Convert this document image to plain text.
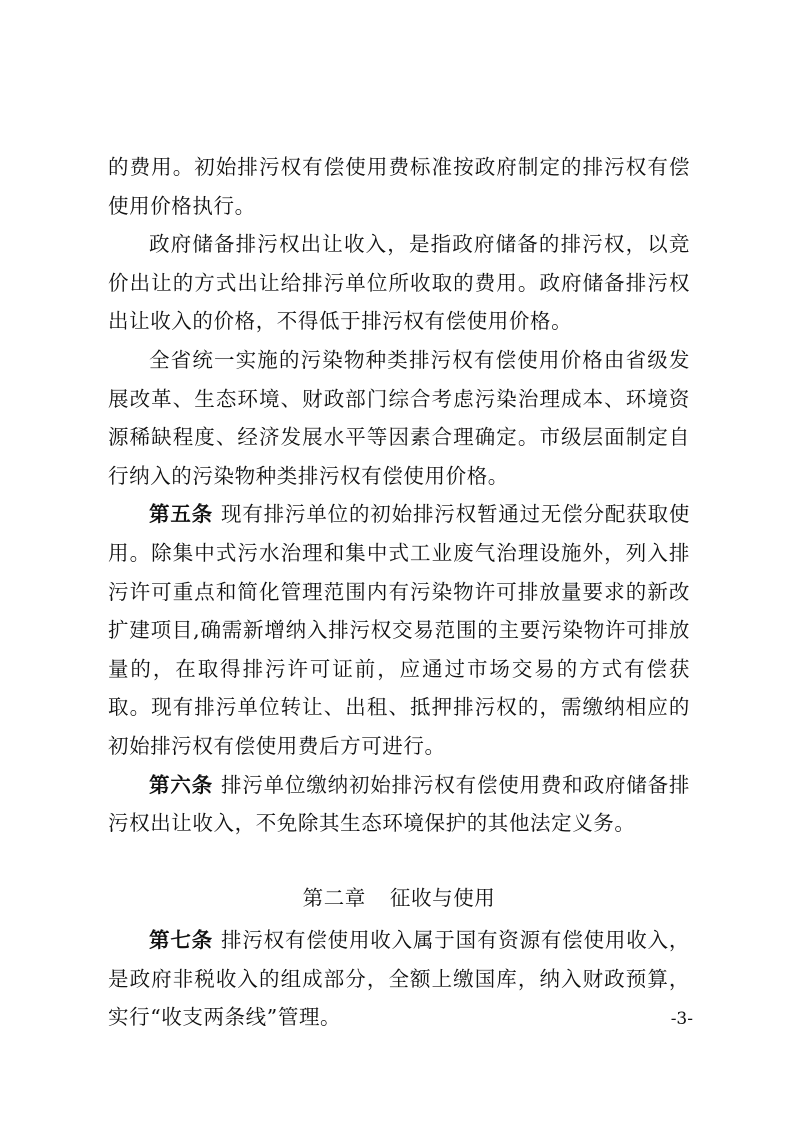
的费用。初始排污权有偿使用费标准按政府制定的排污权有偿使用价格执行。

政府储备排污权出让收入，是指政府储备的排污权，以竞价出让的方式出让给排污单位所收取的费用。政府储备排污权出让收入的价格，不得低于排污权有偿使用价格。

全省统一实施的污染物种类排污权有偿使用价格由省级发展改革、生态环境、财政部门综合考虑污染治理成本、环境资源稀缺程度、经济发展水平等因素合理确定。市级层面制定自行纳入的污染物种类排污权有偿使用价格。

第五条 现有排污单位的初始排污权暂通过无偿分配获取使用。除集中式污水治理和集中式工业废气治理设施外，列入排污许可重点和简化管理范围内有污染物许可排放量要求的新改扩建项目,确需新增纳入排污权交易范围的主要污染物许可排放量的，在取得排污许可证前，应通过市场交易的方式有偿获取。现有排污单位转让、出租、抵押排污权的，需缴纳相应的初始排污权有偿使用费后方可进行。

第六条 排污单位缴纳初始排污权有偿使用费和政府储备排污权出让收入，不免除其生态环境保护的其他法定义务。

第二章 征收与使用

第七条 排污权有偿使用收入属于国有资源有偿使用收入，是政府非税收入的组成部分，全额上缴国库，纳入财政预算，实行“收支两条线”管理。	-3-
